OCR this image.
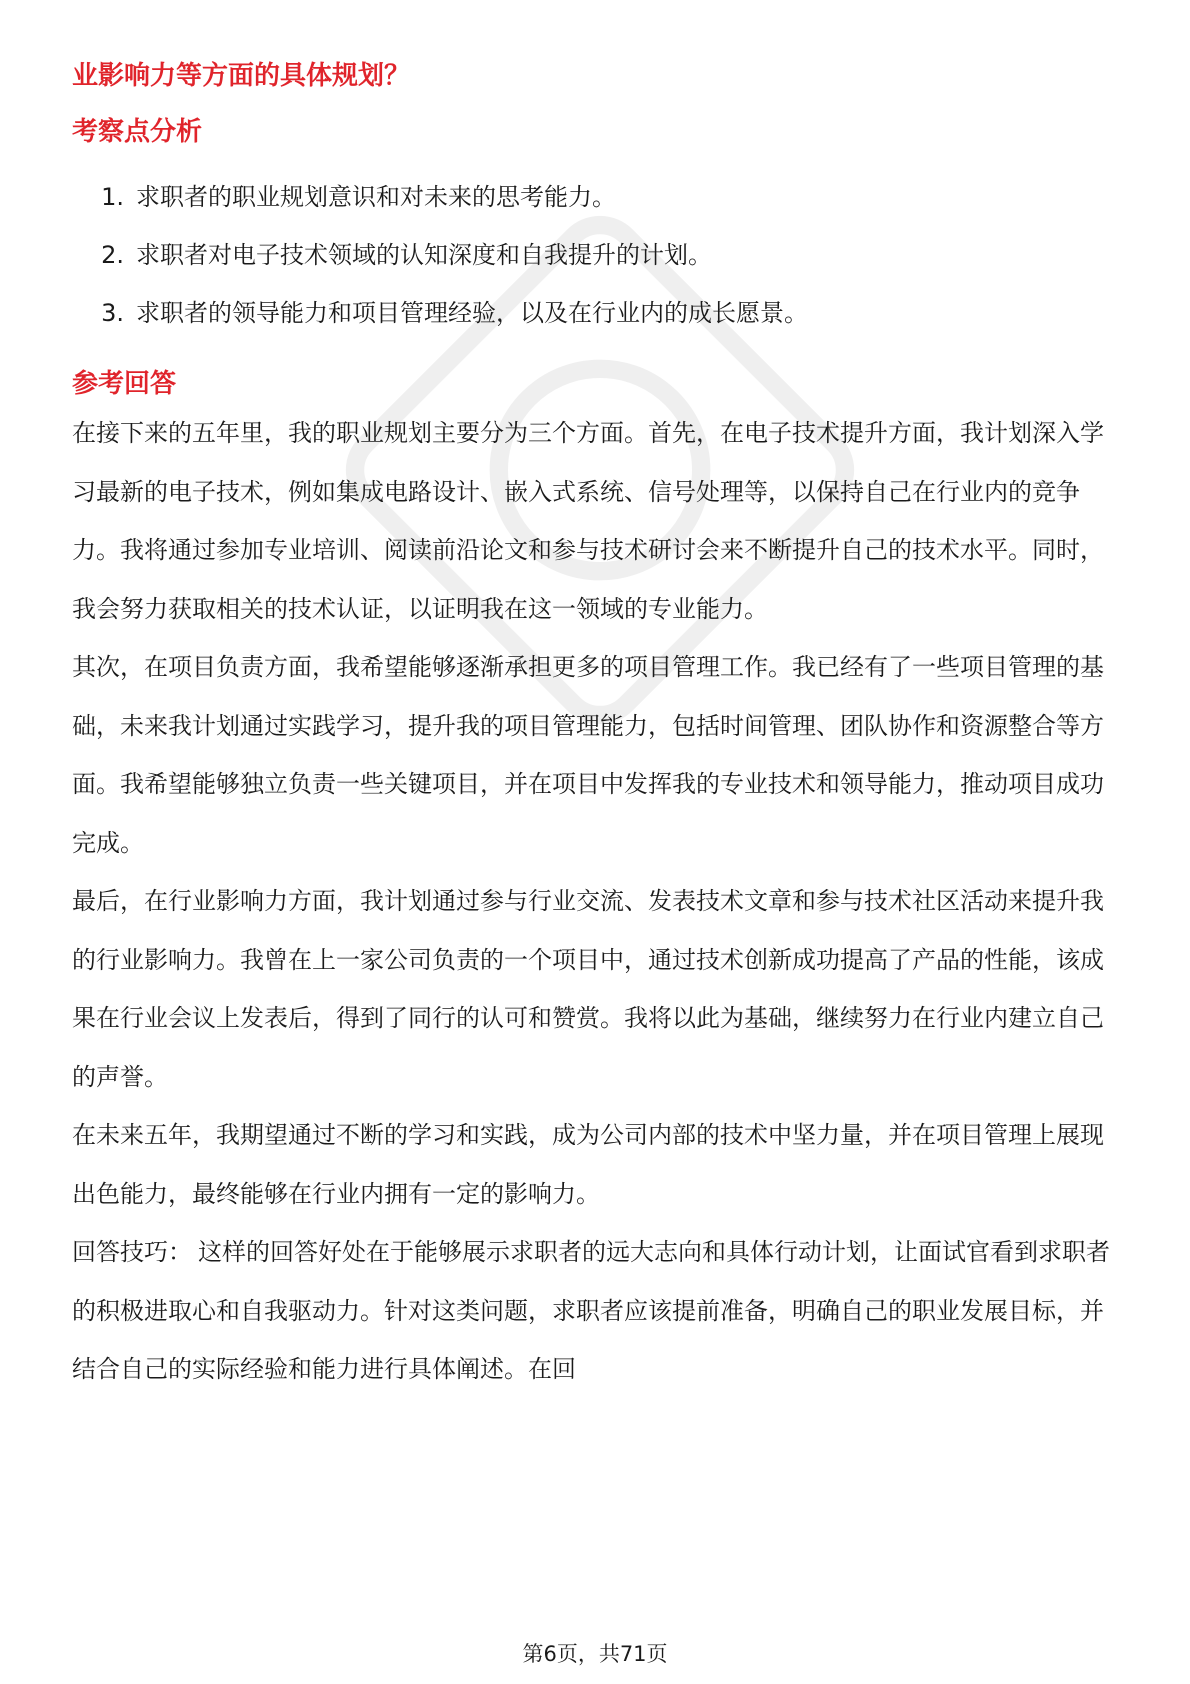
业影响力等方面的具体规划？
考察点分析
1. 求职者的职业规划意识和对未来的思考能力。
2. 求职者对电子技术领域的认知深度和自我提升的计划。
3. 求职者的领导能力和项目管理经验，以及在行业内的成长愿景。
参考回答

在接下来的五年里，我的职业规划主要分为三个方面。首先，在电子技术提升方面，我计划深入学习最新的电子技术，例如集成电路设计、嵌入式系统、信号处理等，以保持自己在行业内的竞争力。我将通过参加专业培训、阅读前沿论文和参与技术研讨会来不断提升自己的技术水平。同时，我会努力获取相关的技术认证，以证明我在这一领域的专业能力。

其次，在项目负责方面，我希望能够逐渐承担更多的项目管理工作。我已经有了一些项目管理的基础，未来我计划通过实践学习，提升我的项目管理能力，包括时间管理、团队协作和资源整合等方面。我希望能够独立负责一些关键项目，并在项目中发挥我的专业技术和领导能力，推动项目成功完成。

最后，在行业影响力方面，我计划通过参与行业交流、发表技术文章和参与技术社区活动来提升我的行业影响力。我曾在上一家公司负责的一个项目中，通过技术创新成功提高了产品的性能，该成果在行业会议上发表后，得到了同行的认可和赞赏。我将以此为基础，继续努力在行业内建立自己的声誉。

在未来五年，我期望通过不断的学习和实践，成为公司内部的技术中坚力量，并在项目管理上展现出色能力，最终能够在行业内拥有一定的影响力。

回答技巧： 这样的回答好处在于能够展示求职者的远大志向和具体行动计划，让面试官看到求职者的积极进取心和自我驱动力。针对这类问题，求职者应该提前准备，明确自己的职业发展目标，并结合自己的实际经验和能力进行具体阐述。在回

第6页，共71页
